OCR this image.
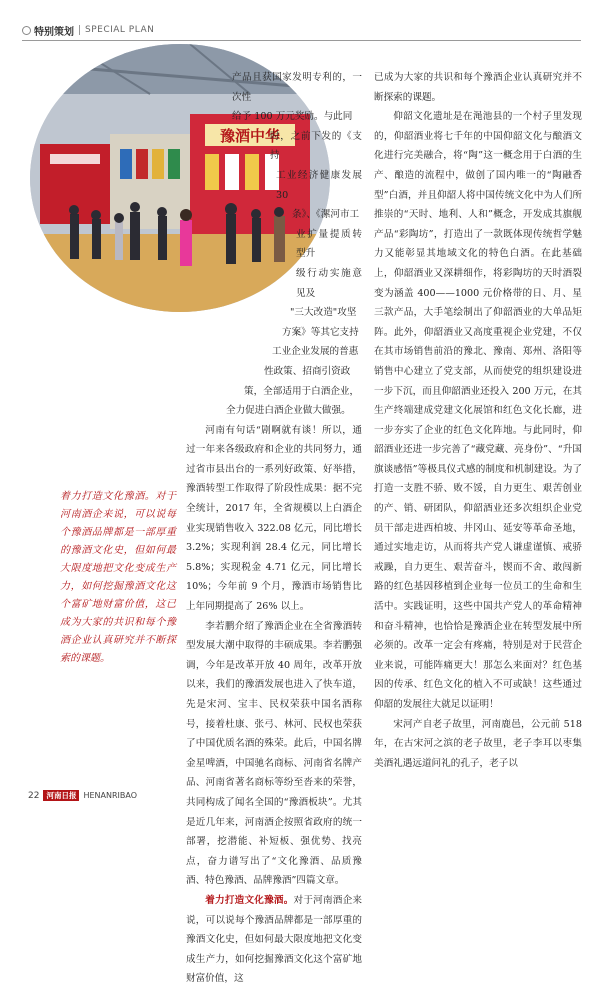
特别策划 SPECIAL PLAN
豫酒中华

产品且获国家发明专利的，一次性

给予 100 万元奖励。与此同

时，之前下发的《支持

工业经济健康发展 30

条》、《漯河市工

业扩量提质转型升

级行动实施意见及

"三大改造"攻坚

方案》等其它支持

工业企业发展的普惠

性政策、招商引资政

策，全部适用于白酒企业，

全力促进白酒企业做大做强。

河南有句话“剧啊就有谈！所以，通过一年来各级政府和企业的共同努力，通过省市县出台的一系列好政策、好举措，豫酒转型工作取得了阶段性成果：据不完全统计，2017 年，全省规模以上白酒企业实现销售收入 322.08 亿元，同比增长 3.2%；实现利润 28.4 亿元，同比增长 5.8%；实现税金 4.71 亿元，同比增长 10%；今年前 9 个月，豫酒市场销售比上年同期提高了 26% 以上。

李若鹏介绍了豫酒企业在全省豫酒转型发展大潮中取得的丰硕成果。李若鹏强调，今年是改革开放 40 周年，改革开放以来，我们的豫酒发展也进入了快车道，先是宋河、宝丰、民权荣获中国名酒称号，接着杜康、张弓、林河、民权也荣获了中国优质名酒的殊荣。此后，中国名牌金星啤酒，中国驰名商标、河南省名牌产品、河南省著名商标等纷至沓来的荣誉，共同构成了闻名全国的“豫酒板块”。尤其是近几年来，河南酒企按照省政府的统一部署，挖潜能、补短板、强优势、找亮点，奋力谱写出了“文化豫酒、品质豫酒、特色豫酒、品牌豫酒”四篇文章。

着力打造文化豫酒。对于河南酒企来说，可以说每个豫酒品牌都是一部厚重的豫酒文化史，但如何最大限度地把文化变成生产力，如何挖掘豫酒文化这个富矿地财富价值，这

已成为大家的共识和每个豫酒企业认真研究并不断探索的课题。

仰韶文化遗址是在渑池县的一个村子里发现的，仰韶酒业将七千年的中国仰韶文化与酿酒文化进行完美融合，将“陶”这一概念用于白酒的生产、酿造的流程中，做创了国内唯一的“陶融香型”白酒，并且仰韶人将中国传统文化中为人们所推崇的“天时、地利、人和”概念，开发成其旗舰产品“彩陶坊”，打造出了一款既体现传统哲学魅力又能彰显其地域文化的特色白酒。在此基础上，仰韶酒业又深耕细作，将彩陶坊的天时酒裂变为涵盖 400——1000 元价格带的日、月、星三款产品，大手笔绘制出了仰韶酒业的大单品矩阵。此外，仰韶酒业又高度重视企业党建，不仅在其市场销售前沿的豫北、豫南、郑州、洛阳等销售中心建立了党支部，从而使党的组织建设进一步下沉，而且仰韶酒业还投入 200 万元，在其生产终端建成党建文化展馆和红色文化长廊，进一步夯实了企业的红色文化阵地。与此同时，仰韶酒业还进一步完善了“藏党藏、亮身份”、“升国旗谈感悟”等极具仪式感的制度和机制建设。为了打造一支胜不骄、败不馁，自力更生、艰苦创业的产、销、研团队，仰韶酒业还多次组织企业党员干部走进西柏坡、井冈山、延安等革命圣地，通过实地走访，从而将共产党人谦虚谨慎、戒骄戒躁，自力更生、艰苦奋斗，锲而不舍、敢闯新路的红色基因移植到企业每一位员工的生命和生活中。实践证明，这些中国共产党人的革命精神和奋斗精神，也恰恰是豫酒企业在转型发展中所必须的。改革一定会有疼痛，特别是对于民营企业来说，可能阵痛更大！那怎么来面对？红色基因的传承、红色文化的植入不可或缺！这些通过仰韶的发展往大就足以证明！

宋河产自老子故里，河南鹿邑，公元前 518 年，在古宋河之滨的老子故里，老子李耳以枣集美酒礼遇远道问礼的孔子，老子以

着力打造文化豫酒。对于河南酒企来说，可以说每个豫酒品牌都是一部厚重的豫酒文化史，但如何最大限度地把文化变成生产力，如何挖掘豫酒文化这个富矿地财富价值，这已成为大家的共识和每个豫酒企业认真研究并不断探索的课题。
22 河南日报 HENANRIBAO
